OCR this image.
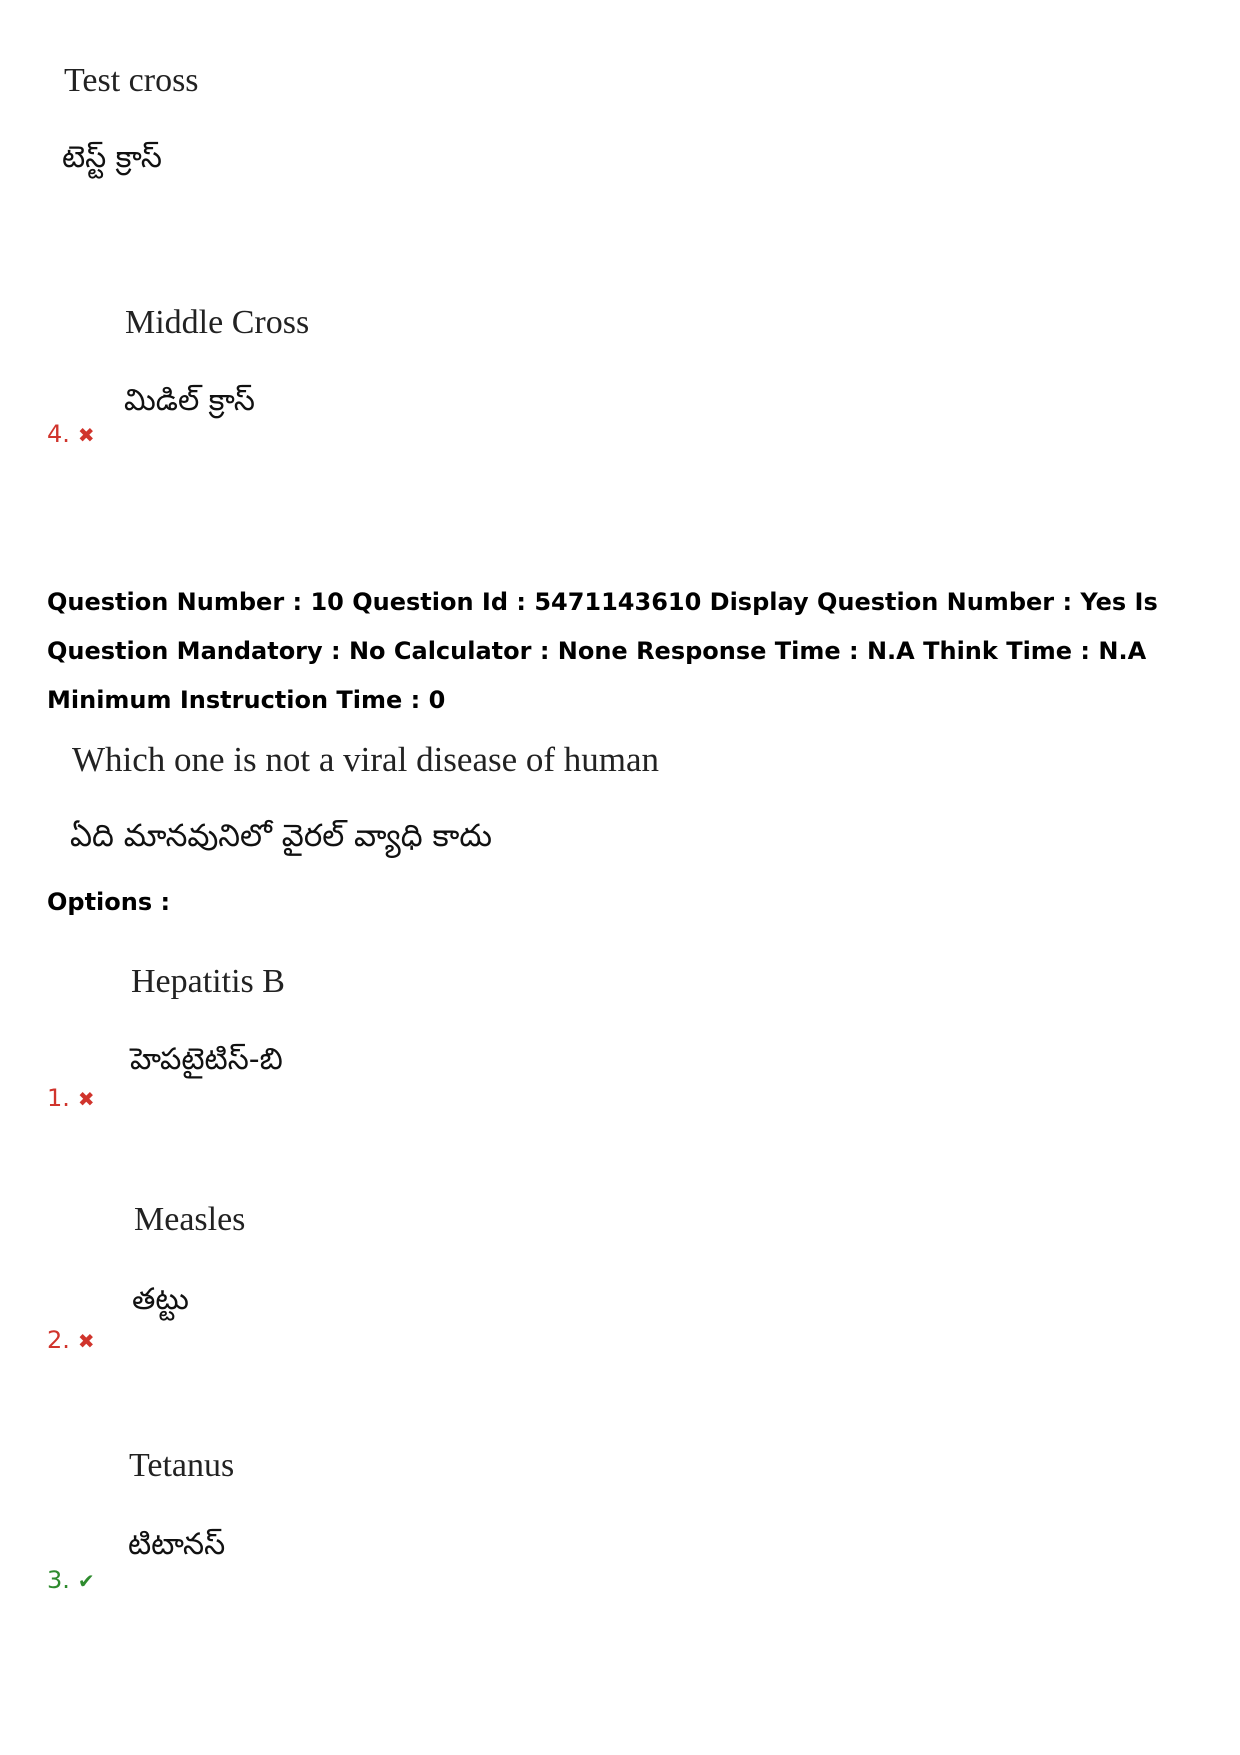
Test cross
టెస్ట్ క్రాస్
Middle Cross
మిడిల్ క్రాస్
4. ✖
Question Number : 10 Question Id : 5471143610 Display Question Number : Yes Is Question Mandatory : No Calculator : None Response Time : N.A Think Time : N.A Minimum Instruction Time : 0
Which one is not a viral disease of human
ఏది మానవునిలో వైరల్ వ్యాధి కాదు
Options :
Hepatitis B
హెపటైటిస్-బి
1. ✖
Measles
తట్టు
2. ✖
Tetanus
టిటానస్
3. ✔
